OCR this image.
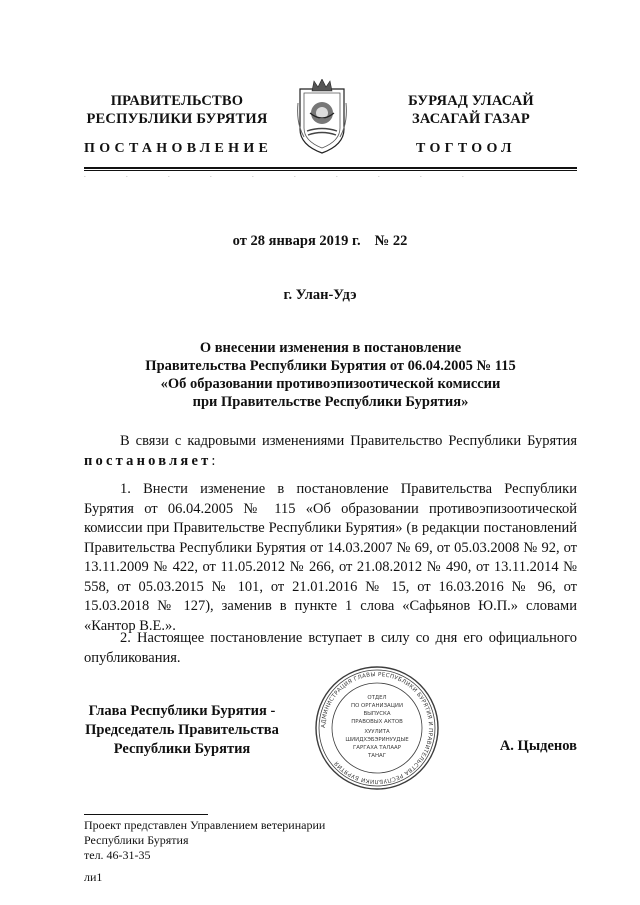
ПРАВИТЕЛЬСТВО
РЕСПУБЛИКИ БУРЯТИЯ
БУРЯАД УЛАСАЙ
ЗАСАГАЙ ГАЗАР
ПОСТАНОВЛЕНИЕ	ТОГТООЛ
.                       .                       .                       .                       .                       .                       .                       .                       .                       .
от 28 января 2019 г. № 22
г. Улан-Удэ
О внесении изменения в постановление
Правительства Республики Бурятия от 06.04.2005 № 115
«Об образовании противоэпизоотической комиссии
при Правительстве Республики Бурятия»
В связи с кадровыми изменениями Правительство Республики Бурятия постановляет:
1. Внести изменение в постановление Правительства Республики Бурятия от 06.04.2005 № 115 «Об образовании противоэпизоотической комиссии при Правительстве Республики Бурятия» (в редакции постановлений Правительства Республики Бурятия от 14.03.2007 № 69, от 05.03.2008 № 92, от 13.11.2009 № 422, от 11.05.2012 № 266, от 21.08.2012 № 490, от 13.11.2014 № 558, от 05.03.2015 № 101, от 21.01.2016 № 15, от 16.03.2016 № 96, от 15.03.2018 № 127), заменив в пункте 1 слова «Сафьянов Ю.П.» словами «Кантор В.Е.».
2. Настоящее постановление вступает в силу со дня его официального опубликования.
Глава Республики Бурятия -
Председатель Правительства
Республики Бурятия
АДМИНИСТРАЦИЯ ГЛАВЫ РЕСПУБЛИКИ БУРЯТИЯ И ПРАВИТЕЛЬСТВА РЕСПУБЛИКИ БУРЯТИЯ
ОТДЕЛ
ПО ОРГАНИЗАЦИИ
ВЫПУСКА
ПРАВОВЫХ АКТОВ
ХУУЛИТА
ШИИДХЭБЭРИНУУДЫЕ
ГАРГАХА ТАЛААР
ТАНАГ
А. Цыденов
Проект представлен Управлением ветеринарии
Республики Бурятия
тел. 46-31-35
ли1
